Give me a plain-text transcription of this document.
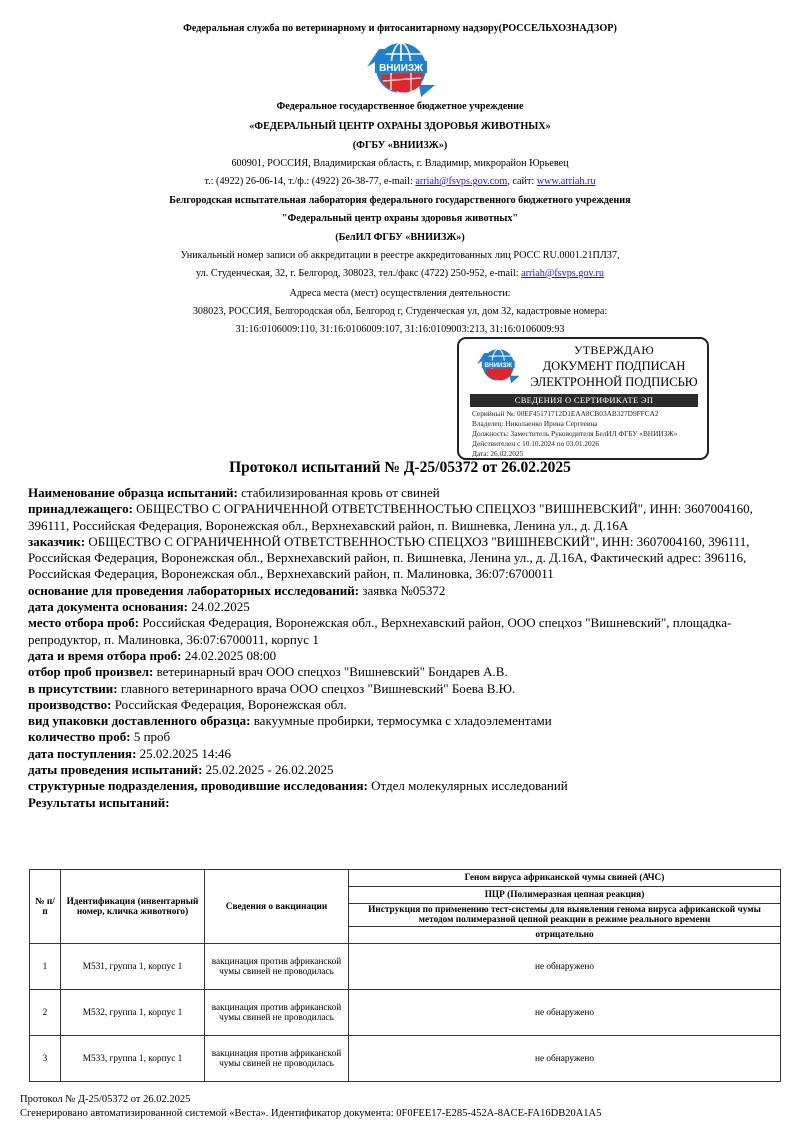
Федеральная служба по ветеринарному и фитосанитарному надзору(РОССЕЛЬХОЗНАДЗОР)
ВНИИЗЖ
Федеральное государственное бюджетное учреждение
«ФЕДЕРАЛЬНЫЙ ЦЕНТР ОХРАНЫ ЗДОРОВЬЯ ЖИВОТНЫХ»
(ФГБУ «ВНИИЗЖ»)
600901, РОССИЯ, Владимирская область, г. Владимир, микрорайон Юрьевец
т.: (4922) 26-06-14, т./ф.: (4922) 26-38-77, e-mail: arriah@fsvps.gov.com, сайт: www.arriah.ru
Белгородская испытательная лаборатория федерального государственного бюджетного учреждения
"Федеральный центр охраны здоровья животных"
(БелИЛ ФГБУ «ВНИИЗЖ»)
Уникальный номер записи об аккредитации в реестре аккредитованных лиц РОСС RU.0001.21ПЛ37,
ул. Студенческая, 32, г. Белгород, 308023, тел./факс (4722) 250-952, e-mail: arriah@fsvps.gov.ru
Адреса места (мест) осуществления деятельности:
308023, РОССИЯ, Белгородская обл, Белгород г, Студенческая ул, дом 32, кадастровые номера:
31:16:0106009:110, 31:16:0106009:107, 31:16:0109003:213, 31:16:0106009:93
ВНИИЗЖ
УТВЕРЖДАЮ
ДОКУМЕНТ ПОДПИСАН
ЭЛЕКТРОННОЙ ПОДПИСЬЮ
СВЕДЕНИЯ О СЕРТИФИКАТЕ ЭП
Серийный №: 00EF45171712D1EAA8CB03AB327D9FFCA2
Владелец: Николаенко Ирина Сергеевна
Должность: Заместитель Руководителя БелИЛ ФГБУ «ВНИИЗЖ»
Действителен с 10.10.2024 по 03.01.2026
Дата: 26.02.2025
Протокол испытаний № Д-25/05372 от 26.02.2025

Наименование образца испытаний: стабилизированная кровь от свиней

принадлежащего: ОБЩЕСТВО С ОГРАНИЧЕННОЙ ОТВЕТСТВЕННОСТЬЮ СПЕЦХОЗ "ВИШНЕВСКИЙ", ИНН: 3607004160, 396111, Российская Федерация, Воронежская обл., Верхнехавский район, п. Вишневка, Ленина ул., д. Д.16А

заказчик: ОБЩЕСТВО С ОГРАНИЧЕННОЙ ОТВЕТСТВЕННОСТЬЮ СПЕЦХОЗ "ВИШНЕВСКИЙ", ИНН: 3607004160, 396111, Российская Федерация, Воронежская обл., Верхнехавский район, п. Вишневка, Ленина ул., д. Д.16А, Фактический адрес: 396116, Российская Федерация, Воронежская обл., Верхнехавский район, п. Малиновка, 36:07:6700011

основание для проведения лабораторных исследований: заявка №05372

дата документа основания: 24.02.2025

место отбора проб: Российская Федерация, Воронежская обл., Верхнехавский район, ООО спецхоз "Вишневский", площадка-репродуктор, п. Малиновка, 36:07:6700011, корпус 1

дата и время отбора проб: 24.02.2025 08:00

отбор проб произвел: ветеринарный врач ООО спецхоз "Вишневский" Бондарев А.В.

в присутствии: главного ветеринарного врача ООО спецхоз "Вишневский" Боева В.Ю.

производство: Российская Федерация, Воронежская обл.

вид упаковки доставленного образца: вакуумные пробирки, термосумка с хладоэлементами

количество проб: 5 проб

дата поступления: 25.02.2025 14:46

даты проведения испытаний: 25.02.2025 - 26.02.2025

структурные подразделения, проводившие исследования: Отдел молекулярных исследований

Результаты испытаний:

№ п/п	Идентификация (инвентарный номер, кличка животного)	Сведения о вакцинации	Геном вируса африканской чумы свиней (АЧС)
			ПЦР (Полимеразная цепная реакция)
			Инструкция по применению тест-системы для выявления генома вируса африканской чумы методом полимеразной цепной реакции в режиме реального времени
			отрицательно
1	M531, группа 1, корпус 1	вакцинация против африканской чумы свиней не проводилась	не обнаружено
2	M532, группа 1, корпус 1	вакцинация против африканской чумы свиней не проводилась	не обнаружено
3	M533, группа 1, корпус 1	вакцинация против африканской чумы свиней не проводилась	не обнаружено
Протокол № Д-25/05372 от 26.02.2025
Сгенерировано автоматизированной системой «Веста». Идентификатор документа: 0F0FEE17-E285-452A-8ACE-FA16DB20A1A5
